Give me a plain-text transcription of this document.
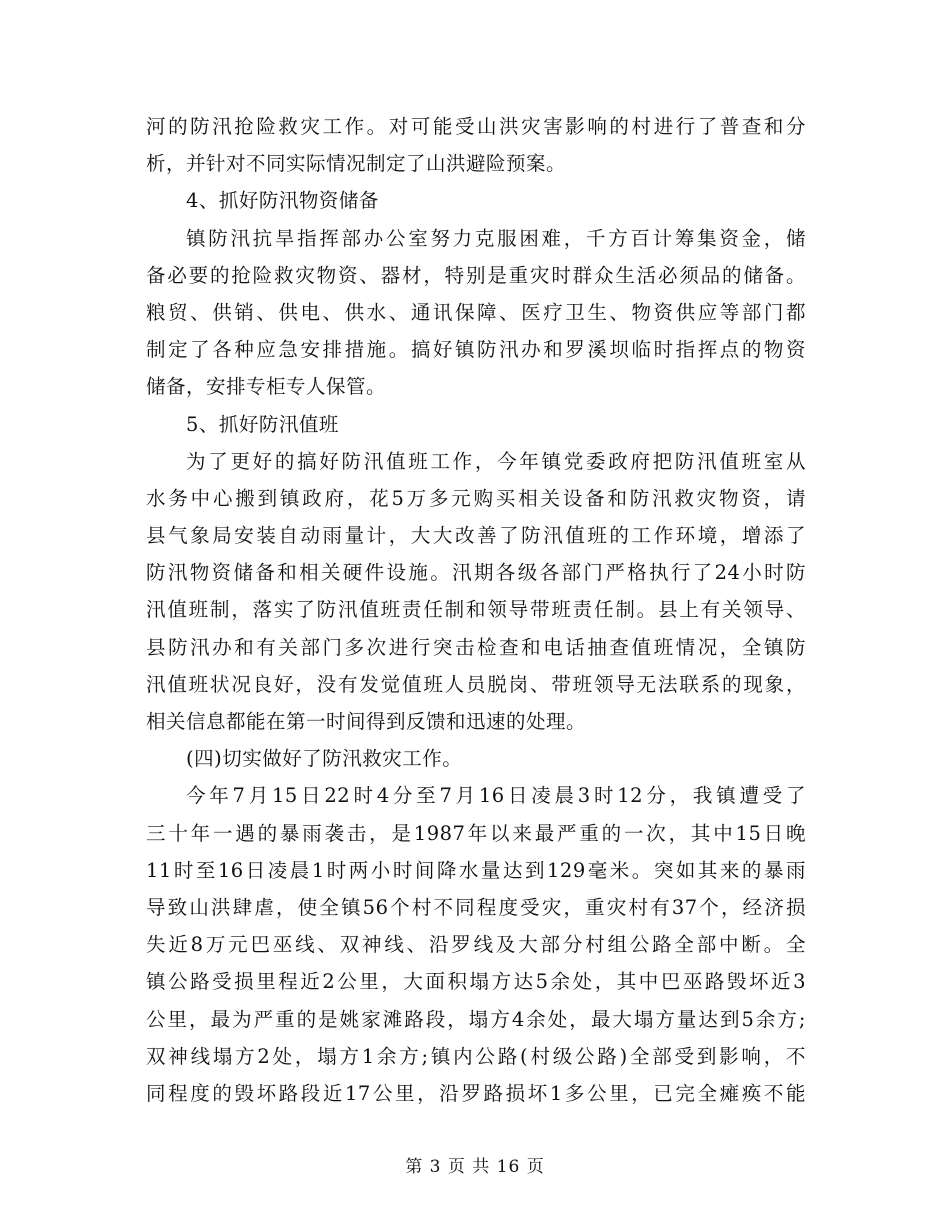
河的防汛抢险救灾工作。对可能受山洪灾害影响的村进行了普查和分
析，并针对不同实际情况制定了山洪避险预案。
4、抓好防汛物资储备
镇防汛抗旱指挥部办公室努力克服困难，千方百计筹集资金，储
备必要的抢险救灾物资、器材，特别是重灾时群众生活必须品的储备。
粮贸、供销、供电、供水、通讯保障、医疗卫生、物资供应等部门都
制定了各种应急安排措施。搞好镇防汛办和罗溪坝临时指挥点的物资
储备，安排专柜专人保管。
5、抓好防汛值班
为了更好的搞好防汛值班工作，今年镇党委政府把防汛值班室从
水务中心搬到镇政府，花5万多元购买相关设备和防汛救灾物资，请
县气象局安装自动雨量计，大大改善了防汛值班的工作环境，增添了
防汛物资储备和相关硬件设施。汛期各级各部门严格执行了24小时防
汛值班制，落实了防汛值班责任制和领导带班责任制。县上有关领导、
县防汛办和有关部门多次进行突击检查和电话抽查值班情况，全镇防
汛值班状况良好，没有发觉值班人员脱岗、带班领导无法联系的现象，
相关信息都能在第一时间得到反馈和迅速的处理。
(四)切实做好了防汛救灾工作。
今年7月15日22时4分至7月16日凌晨3时12分，我镇遭受了
三十年一遇的暴雨袭击，是1987年以来最严重的一次，其中15日晚
11时至16日凌晨1时两小时间降水量达到129毫米。突如其来的暴雨
导致山洪肆虐，使全镇56个村不同程度受灾，重灾村有37个，经济损
失近8万元巴巫线、双神线、沿罗线及大部分村组公路全部中断。全
镇公路受损里程近2公里，大面积塌方达5余处，其中巴巫路毁坏近3
公里，最为严重的是姚家滩路段，塌方4余处，最大塌方量达到5余方;
双神线塌方2处，塌方1余方;镇内公路(村级公路)全部受到影响，不
同程度的毁坏路段近17公里，沿罗路损坏1多公里，已完全瘫痪不能
第 3 页 共 16 页
